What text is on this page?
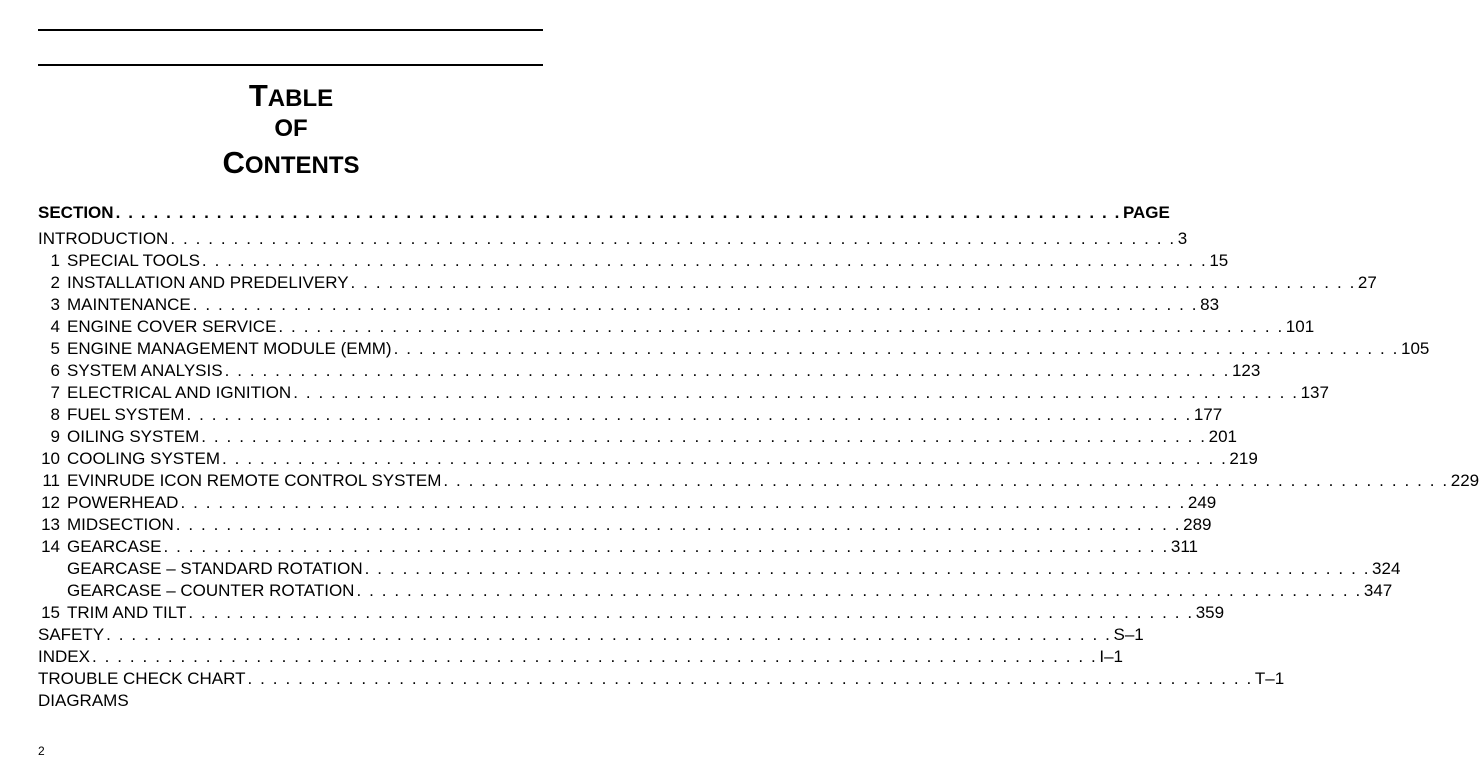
TABLE
OF
CONTENTS
SECTION . . . . . . . . . . . . . . . . . . . . . . . . . . . . . . . . . . . . . . . . . . . . . . . . . . . . . . . . . . . . . . . . . . . . . . . . . . . . . . . . PAGE
INTRODUCTION . . . . . . . . . . . . . . . . . . . . . . . . . . . . . . . . . . . . . . . . . . . . . . . . . . . . . . . . . . . . . . . . . . . . . . . . . . . . . . . . 3
1 SPECIAL TOOLS . . . . . . . . . . . . . . . . . . . . . . . . . . . . . . . . . . . . . . . . . . . . . . . . . . . . . . . . . . . . . . . . . . . . . . . . . . . . . . . . 15
2 INSTALLATION AND PREDELIVERY . . . . . . . . . . . . . . . . . . . . . . . . . . . . . . . . . . . . . . . . . . . . . . . . . . . . . . . . . . . . . . . . . . . . . . . . . . . . . . . . 27
3 MAINTENANCE . . . . . . . . . . . . . . . . . . . . . . . . . . . . . . . . . . . . . . . . . . . . . . . . . . . . . . . . . . . . . . . . . . . . . . . . . . . . . . . . 83
4 ENGINE COVER SERVICE . . . . . . . . . . . . . . . . . . . . . . . . . . . . . . . . . . . . . . . . . . . . . . . . . . . . . . . . . . . . . . . . . . . . . . . . . . . . . . . . 101
5 ENGINE MANAGEMENT MODULE (EMM) . . . . . . . . . . . . . . . . . . . . . . . . . . . . . . . . . . . . . . . . . . . . . . . . . . . . . . . . . . . . . . . . . . . . . . . . . . . . . . . . 105
6 SYSTEM ANALYSIS . . . . . . . . . . . . . . . . . . . . . . . . . . . . . . . . . . . . . . . . . . . . . . . . . . . . . . . . . . . . . . . . . . . . . . . . . . . . . . . . 123
7 ELECTRICAL AND IGNITION . . . . . . . . . . . . . . . . . . . . . . . . . . . . . . . . . . . . . . . . . . . . . . . . . . . . . . . . . . . . . . . . . . . . . . . . . . . . . . . . 137
8 FUEL SYSTEM . . . . . . . . . . . . . . . . . . . . . . . . . . . . . . . . . . . . . . . . . . . . . . . . . . . . . . . . . . . . . . . . . . . . . . . . . . . . . . . . 177
9 OILING SYSTEM . . . . . . . . . . . . . . . . . . . . . . . . . . . . . . . . . . . . . . . . . . . . . . . . . . . . . . . . . . . . . . . . . . . . . . . . . . . . . . . . 201
10 COOLING SYSTEM . . . . . . . . . . . . . . . . . . . . . . . . . . . . . . . . . . . . . . . . . . . . . . . . . . . . . . . . . . . . . . . . . . . . . . . . . . . . . . . . 219
11 EVINRUDE ICON REMOTE CONTROL SYSTEM . . . . . . . . . . . . . . . . . . . . . . . . . . . . . . . . . . . . . . . . . . . . . . . . . . . . . . . . . . . . . . . . . . . . . . . . . . . . . . . . 229
12 POWERHEAD . . . . . . . . . . . . . . . . . . . . . . . . . . . . . . . . . . . . . . . . . . . . . . . . . . . . . . . . . . . . . . . . . . . . . . . . . . . . . . . . 249
13 MIDSECTION . . . . . . . . . . . . . . . . . . . . . . . . . . . . . . . . . . . . . . . . . . . . . . . . . . . . . . . . . . . . . . . . . . . . . . . . . . . . . . . . 289
14 GEARCASE . . . . . . . . . . . . . . . . . . . . . . . . . . . . . . . . . . . . . . . . . . . . . . . . . . . . . . . . . . . . . . . . . . . . . . . . . . . . . . . . 311
GEARCASE – STANDARD ROTATION . . . . . . . . . . . . . . . . . . . . . . . . . . . . . . . . . . . . . . . . . . . . . . . . . . . . . . . . . . . . . . . . . . . . . . . . . . . . . . . . 324
GEARCASE – COUNTER ROTATION . . . . . . . . . . . . . . . . . . . . . . . . . . . . . . . . . . . . . . . . . . . . . . . . . . . . . . . . . . . . . . . . . . . . . . . . . . . . . . . . 347
15 TRIM AND TILT . . . . . . . . . . . . . . . . . . . . . . . . . . . . . . . . . . . . . . . . . . . . . . . . . . . . . . . . . . . . . . . . . . . . . . . . . . . . . . . . 359
SAFETY . . . . . . . . . . . . . . . . . . . . . . . . . . . . . . . . . . . . . . . . . . . . . . . . . . . . . . . . . . . . . . . . . . . . . . . . . . . . . . . . S–1
INDEX . . . . . . . . . . . . . . . . . . . . . . . . . . . . . . . . . . . . . . . . . . . . . . . . . . . . . . . . . . . . . . . . . . . . . . . . . . . . . . . . I–1
TROUBLE CHECK CHART . . . . . . . . . . . . . . . . . . . . . . . . . . . . . . . . . . . . . . . . . . . . . . . . . . . . . . . . . . . . . . . . . . . . . . . . . . . . . . . . T–1
DIAGRAMS
2
